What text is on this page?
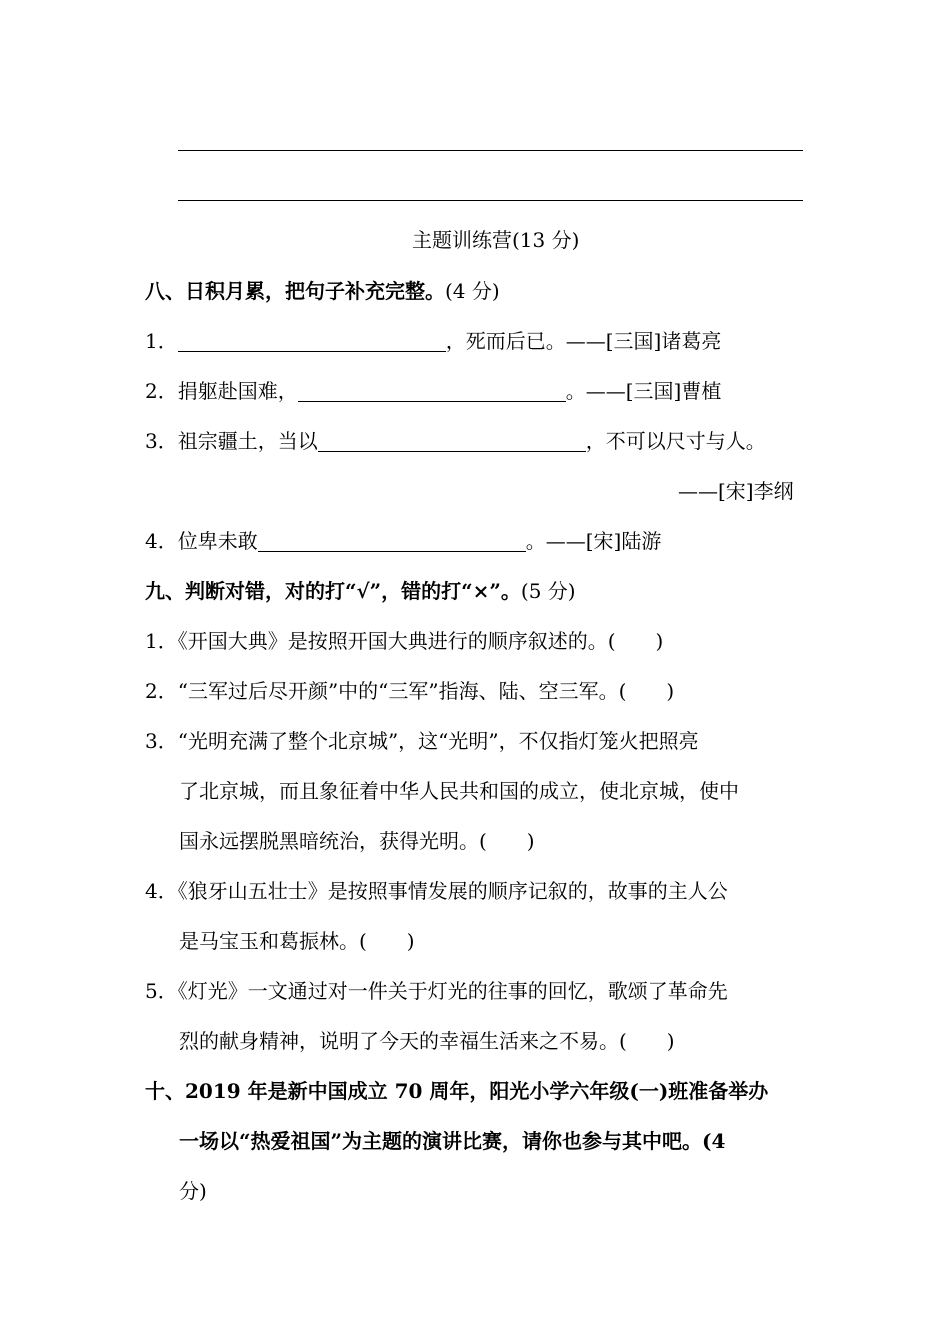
主题训练营(13 分)
八、日积月累，把句子补充完整。(4 分)
1．	，死而后已。——[三国]诸葛亮
2．捐躯赴国难，	。——[三国]曹植
3．祖宗疆土，当以	，不可以尺寸与人。
——[宋]李纲
4．位卑未敢	。——[宋]陆游
九、判断对错，对的打“√”，错的打“×”。(5 分)
1．《开国大典》是按照开国大典进行的顺序叙述的。(　　)
2．“三军过后尽开颜”中的“三军”指海、陆、空三军。(　　)
3．“光明充满了整个北京城”，这“光明”，不仅指灯笼火把照亮
了北京城，而且象征着中华人民共和国的成立，使北京城，使中
国永远摆脱黑暗统治，获得光明。(　　)
4．《狼牙山五壮士》是按照事情发展的顺序记叙的，故事的主人公
是马宝玉和葛振林。(　　)
5．《灯光》一文通过对一件关于灯光的往事的回忆，歌颂了革命先
烈的献身精神，说明了今天的幸福生活来之不易。(　　)
十、2019 年是新中国成立 70 周年，阳光小学六年级(一)班准备举办
一场以“热爱祖国”为主题的演讲比赛，请你也参与其中吧。(4
分)
